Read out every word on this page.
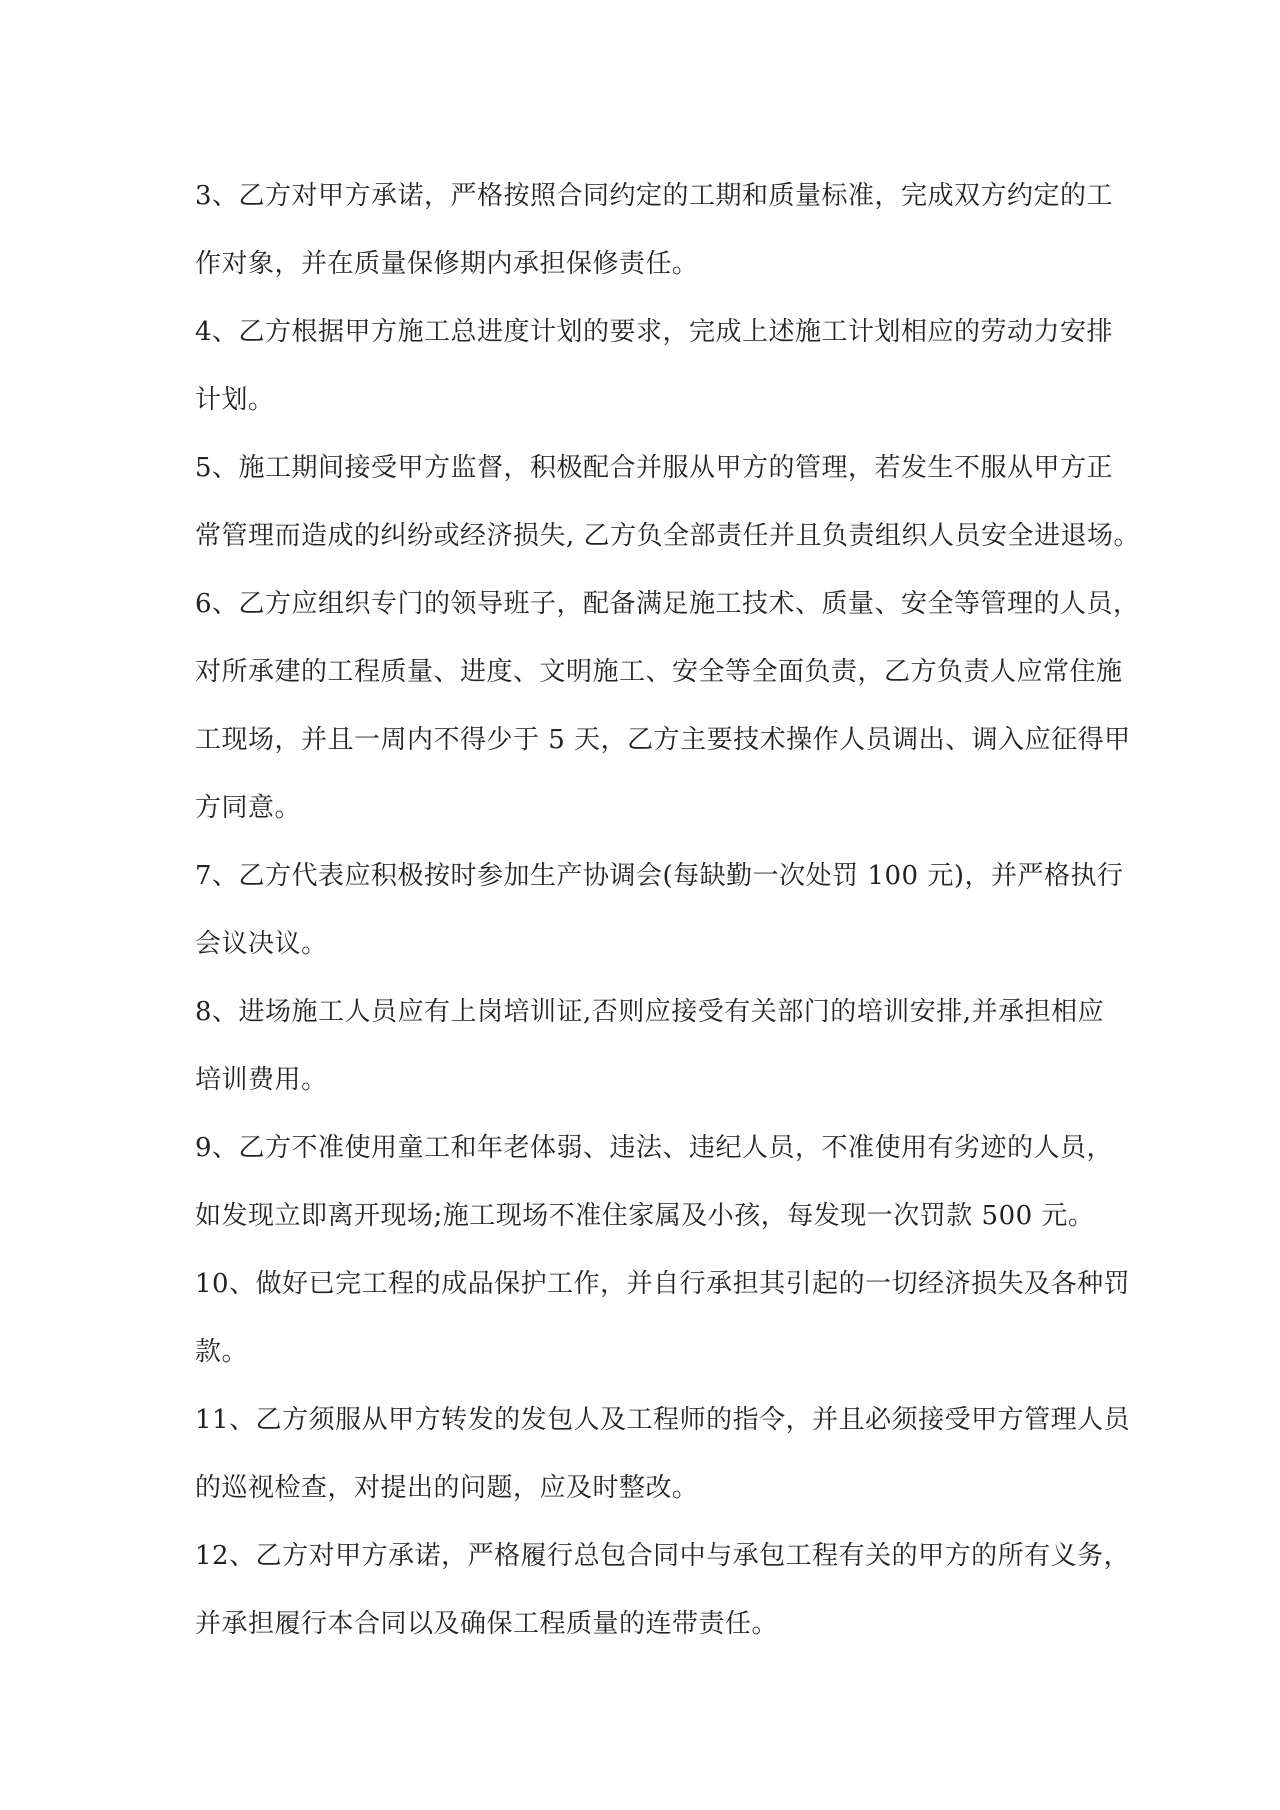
3、乙方对甲方承诺，严格按照合同约定的工期和质量标准，完成双方约定的工
作对象，并在质量保修期内承担保修责任。
4、乙方根据甲方施工总进度计划的要求，完成上述施工计划相应的劳动力安排
计划。
5、施工期间接受甲方监督，积极配合并服从甲方的管理，若发生不服从甲方正
常管理而造成的纠纷或经济损失, 乙方负全部责任并且负责组织人员安全进退场。
6、乙方应组织专门的领导班子，配备满足施工技术、质量、安全等管理的人员，
对所承建的工程质量、进度、文明施工、安全等全面负责，乙方负责人应常住施
工现场，并且一周内不得少于 5 天，乙方主要技术操作人员调出、调入应征得甲
方同意。
7、乙方代表应积极按时参加生产协调会(每缺勤一次处罚 100 元)，并严格执行
会议决议。
8、进场施工人员应有上岗培训证,否则应接受有关部门的培训安排,并承担相应
培训费用。
9、乙方不准使用童工和年老体弱、违法、违纪人员，不准使用有劣迹的人员，
如发现立即离开现场;施工现场不准住家属及小孩，每发现一次罚款 500 元。
10、做好已完工程的成品保护工作，并自行承担其引起的一切经济损失及各种罚
款。
11、乙方须服从甲方转发的发包人及工程师的指令，并且必须接受甲方管理人员
的巡视检查，对提出的问题，应及时整改。
12、乙方对甲方承诺，严格履行总包合同中与承包工程有关的甲方的所有义务，
并承担履行本合同以及确保工程质量的连带责任。
